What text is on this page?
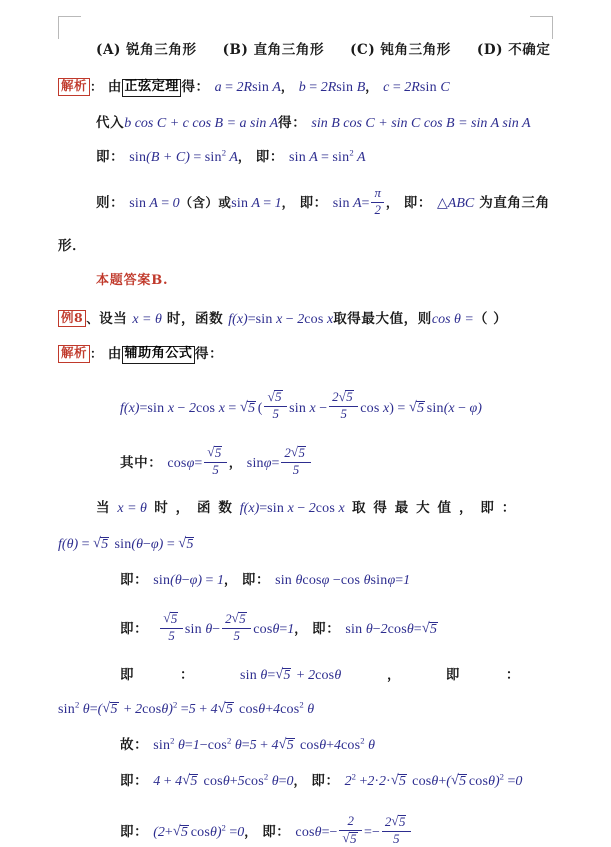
(A) 锐角三角形 (B) 直角三角形 (C) 钝角三角形 (D) 不确定
解析 ： 由 正弦定理 得： a = 2Rsin A， b = 2Rsin B， c = 2Rsin C
代入b cos C + c cos B = a sin A得： sin B cos C + sin C cos B = sin A sin A
即： $\sin(B + C) = \sin^2 A$， 即： $\sin A = \sin^2 A$
则： sin A = 0（含）或sin A = 1， 即： $\sin A= \frac{\pi}{2}$ ， 即： △ABC 为直角三角
形．
本题答案B.
例8 、设当 x = θ 时，函数 f(x)=sin x − 2cos x取得最大值，则cos θ =（ ）
解析 ： 由 辅助角公式 得：
f(x)=sin x − 2cos x = √ 5 ( √ $\frac{5}{5}$ $\sin x - \frac{2 √ 5}{5}$ cos x) = √ 5 sin(x − φ)
其中： cosφ= √ $\frac{5}{5}$ ， $\sin\varphi= \frac{2 √ 5}{5}$
当 x = θ 时 ， 函 数 f(x)=sin x − 2cos x 取 得 最 大 值 ， 即 ：
f(θ) = √ 5 sin(θ−φ) = √ 5
即： sin(θ−φ) = 1， 即： sin θcosφ −cos θsinφ=1
即： √ $\frac{5}{5}$ $\sin \theta- \frac{2 √ 5}{5} \cos\theta=1$， 即： sin θ−2cosθ= √ 5
即	：	sin θ= √ 5 + 2cosθ	，	即	：
$\sin^2 \theta=$( √ 5 + 2cosθ)$^2$ =5 + 4 √ 5 $\cos\theta+4\cos^2$ θ
故： $\sin^2 \theta=1-\cos^2$ θ=5 + 4 √ 5 $\cos\theta+4\cos^2$ θ
即： 4 + 4 √ 5 $\cos\theta+5\cos^2$ θ=0， 即： $2^2 +2\cdot 2\cdot$ √ 5 cosθ+( √ 5 cosθ)$^2$ =0
即： (2+ √ 5 cosθ)$^2$ =0， 即： cosθ=− 2
√ $5 =- \frac{2 √ 5}{5}$
